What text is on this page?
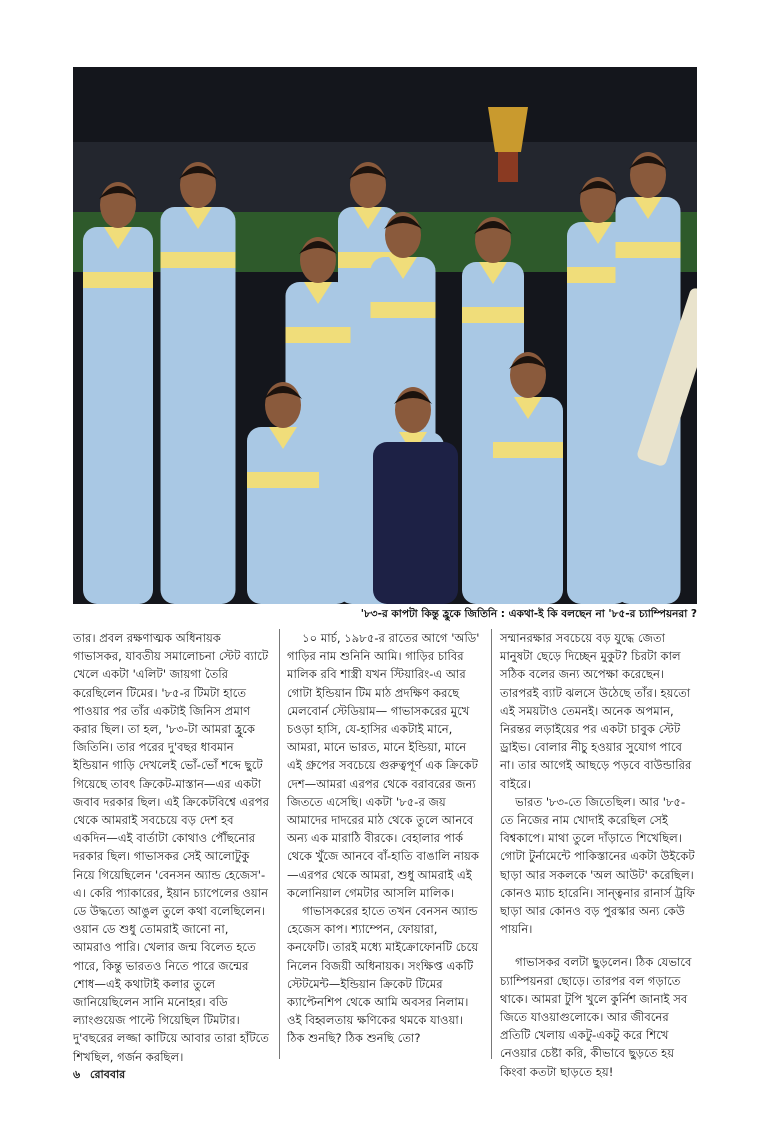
'৮৩-র কাপটা কিন্তু হ্রুকে জিতিনি : একথা-ই কি বলছেন না '৮৫-র চ্যাম্পিয়নরা ?

তার। প্রবল রক্ষণাত্মক অধিনায়ক গাভাসকর, যাবতীয় সমালোচনা স্টেট ব্যাটে খেলে একটা 'এলিট' জায়গা তৈরি করেছিলেন টিমের। '৮৫-র টিমটা হাতে পাওয়ার পর তাঁর একটাই জিনিস প্রমাণ করার ছিল। তা হল, '৮৩-টা আমরা হ্রুকে জিতিনি। তার পরের দু'বছর ধাবমান ইন্ডিয়ান গাড়ি দেখলেই ভোঁ-ভোঁ শব্দে ছুটে গিয়েছে তাবৎ ক্রিকেট-মাস্তান—এর একটা জবাব দরকার ছিল। এই ক্রিকেটবিশ্বে এরপর থেকে আমরাই সবচেয়ে বড় দেশ হব একদিন—এই বার্তাটা কোথাও পৌঁছনোর দরকার ছিল। গাভাসকর সেই আলোটুকু নিয়ে গিয়েছিলেন 'বেনসন অ্যান্ড হেজেস'-এ। কেরি প্যাকারের, ইয়ান চ্যাপেলের ওয়ান ডে উদ্ধত্যে আঙুল তুলে কথা বলেছিলেন। ওয়ান ডে শুধু তোমরাই জানো না, আমরাও পারি। খেলার জন্ম বিলেত হতে পারে, কিন্তু ভারতও নিতে পারে জন্মের শোধ—এই কথাটাই কলার তুলে জানিয়েছিলেন সানি মনোহর। বডি ল্যাংগুয়েজ পাল্টে গিয়েছিল টিমটার। দু'বছরের লজ্জা কাটিয়ে আবার তারা হাঁটতে শিখছিল, গর্জন করছিল।

১০ মার্চ, ১৯৮৫-র রাতের আগে 'অডি' গাড়ির নাম শুনিনি আমি। গাড়ির চাবির মালিক রবি শাস্ত্রী যখন স্টিয়ারিং-এ আর গোটা ইন্ডিয়ান টিম মাঠ প্রদক্ষিণ করছে মেলবোর্ন স্টেডিয়াম— গাভাসকরের মুখে চওড়া হাসি, যে-হাসির একটাই মানে, আমরা, মানে ভারত, মানে ইন্ডিয়া, মানে এই গ্রুপের সবচেয়ে গুরুত্বপূর্ণ এক ক্রিকেট দেশ—আমরা এরপর থেকে বরাবরের জন্য জিততে এসেছি। একটা '৮৫-র জয় আমাদের দাদরের মাঠ থেকে তুলে আনবে অন্য এক মারাঠি বীরকে। বেহালার পার্ক থেকে খুঁজে আনবে বাঁ-হাতি বাঙালি নায়ক—এরপর থেকে আমরা, শুধু আমরাই এই কলোনিয়াল গেমটার আসলি মালিক।

গাভাসকরের হাতে তখন বেনসন অ্যান্ড হেজেস কাপ। শ্যাম্পেন, ফোয়ারা, কনফেটি। তারই মধ্যে মাইক্রোফোনটি চেয়ে নিলেন বিজয়ী অধিনায়ক। সংক্ষিপ্ত একটি স্টেটমেন্ট—ইন্ডিয়ান ক্রিকেট টিমের ক্যাপ্টেনশিপ থেকে আমি অবসর নিলাম। ওই বিহ্বলতায় ক্ষণিকের থমকে যাওয়া। ঠিক শুনছি? ঠিক শুনছি তো?

সম্মানরক্ষার সবচেয়ে বড় যুদ্ধে জেতা মানুষটা ছেড়ে দিচ্ছেন মুকুট? চিরটা কাল সঠিক বলের জন্য অপেক্ষা করেছেন। তারপরই ব্যাট ঝলসে উঠেছে তাঁর। হয়তো এই সময়টাও তেমনই। অনেক অপমান, নিরন্তর লড়াইয়ের পর একটা চাবুক স্টেট ড্রাইভ। বোলার নীচু হওয়ার সুযোগ পাবে না। তার আগেই আছড়ে পড়বে বাউন্ডারির বাইরে।

ভারত '৮৩-তে জিতেছিল। আর '৮৫-তে নিজের নাম খোদাই করেছিল সেই বিশ্বকাপে। মাথা তুলে দাঁড়াতে শিখেছিল। গোটা টুর্নামেন্টে পাকিস্তানের একটা উইকেট ছাড়া আর সকলকে 'অল আউট' করেছিল। কোনও ম্যাচ হারেনি। সান্ত্বনার রানার্স ট্রফি ছাড়া আর কোনও বড় পুরস্কার অন্য কেউ পায়নি।

গাভাসকর বলটা ছুড়লেন। ঠিক যেভাবে চ্যাম্পিয়নরা ছোড়ে। তারপর বল গড়াতে থাকে। আমরা টুপি খুলে কুর্নিশ জানাই সব জিতে যাওয়াগুলোকে। আর জীবনের প্রতিটি খেলায় একটু-একটু করে শিখে নেওয়ার চেষ্টা করি, কীভাবে ছুড়তে হয় কিংবা কতটা ছাড়তে হয়!

৬ রোববার
